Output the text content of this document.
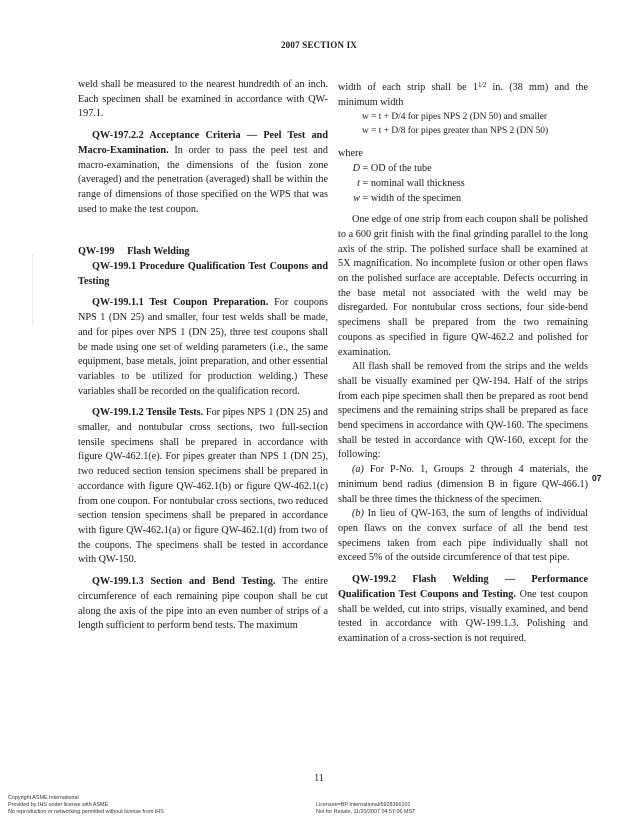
2007 SECTION IX

weld shall be measured to the nearest hundredth of an inch. Each specimen shall be examined in accordance with QW-197.1.

QW-197.2.2 Acceptance Criteria — Peel Test and Macro-Examination. In order to pass the peel test and macro-examination, the dimensions of the fusion zone (averaged) and the penetration (averaged) shall be within the range of dimensions of those specified on the WPS that was used to make the test coupon.

QW-199 Flash Welding

QW-199.1 Procedure Qualification Test Coupons and Testing

QW-199.1.1 Test Coupon Preparation. For coupons NPS 1 (DN 25) and smaller, four test welds shall be made, and for pipes over NPS 1 (DN 25), three test coupons shall be made using one set of welding parameters (i.e., the same equipment, base metals, joint preparation, and other essential variables to be utilized for production welding.) These variables shall be recorded on the qualification record.

QW-199.1.2 Tensile Tests. For pipes NPS 1 (DN 25) and smaller, and nontubular cross sections, two full-section tensile specimens shall be prepared in accordance with figure QW-462.1(e). For pipes greater than NPS 1 (DN 25), two reduced section tension specimens shall be prepared in accordance with figure QW-462.1(b) or figure QW-462.1(c) from one coupon. For nontubular cross sections, two reduced section tension specimens shall be prepared in accordance with figure QW-462.1(a) or figure QW-462.1(d) from two of the coupons. The specimens shall be tested in accordance with QW-150.

QW-199.1.3 Section and Bend Testing. The entire circumference of each remaining pipe coupon shall be cut along the axis of the pipe into an even number of strips of a length sufficient to perform bend tests. The maximum

width of each strip shall be $1^{1⁄2}$ in. (38 mm) and the minimum width

w = t + D/4 for pipes NPS 2 (DN 50) and smaller

w = t + D/8 for pipes greater than NPS 2 (DN 50)

where

D = OD of the tube

t = nominal wall thickness

w = width of the specimen

One edge of one strip from each coupon shall be polished to a 600 grit finish with the final grinding parallel to the long axis of the strip. The polished surface shall be examined at 5X magnification. No incomplete fusion or other open flaws on the polished surface are acceptable. Defects occurring in the base metal not associated with the weld may be disregarded. For nontubular cross sections, four side-bend specimens shall be prepared from the two remaining coupons as specified in figure QW-462.2 and polished for examination.

All flash shall be removed from the strips and the welds shall be visually examined per QW-194. Half of the strips from each pipe specimen shall then be prepared as root bend specimens and the remaining strips shall be prepared as face bend specimens in accordance with QW-160. The specimens shall be tested in accordance with QW-160, except for the following:

(a) For P-No. 1, Groups 2 through 4 materials, the minimum bend radius (dimension B in figure QW-466.1) shall be three times the thickness of the specimen.

(b) In lieu of QW-163, the sum of lengths of individual open flaws on the convex surface of all the bend test specimens taken from each pipe individually shall not exceed 5% of the outside circumference of that test pipe.

QW-199.2 Flash Welding — Performance Qualification Test Coupons and Testing. One test coupon shall be welded, cut into strips, visually examined, and bend tested in accordance with QW-199.1.3. Polishing and examination of a cross-section is not required.

07
11
Copyright ASME International
Provided by IHS under license with ASME
No reproduction or networking permitted without license from IHS
Licensee=BP International/5928366101
Not for Resale, 11/20/2007 04:57:06 MST
